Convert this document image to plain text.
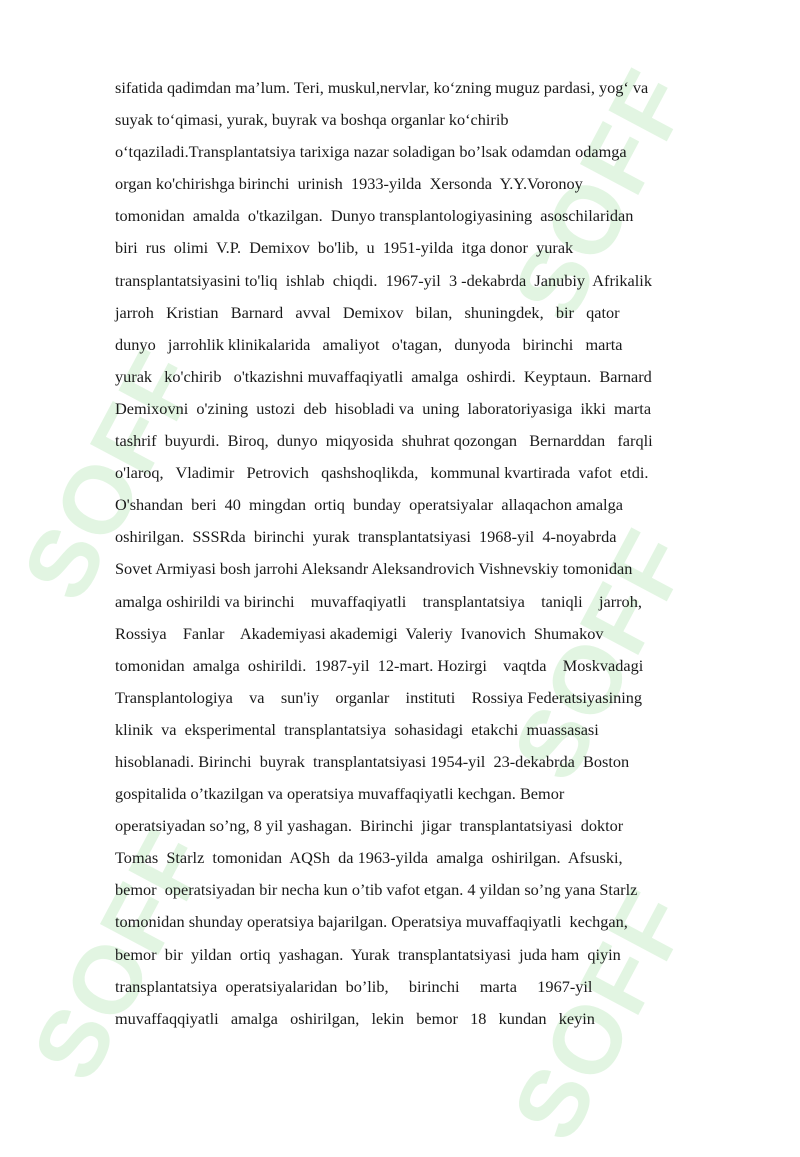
SOFF
SOFF
SOFF
SOFF
SOFF
sifatida qadimdan ma’lum. Teri, muskul,nervlar, ko‘zning muguz pardasi, yog‘ va
suyak to‘qimasi, yurak, buyrak va boshqa organlar ko‘chirib
o‘tqaziladi.Transplantatsiya tarixiga nazar soladigan bo’lsak odamdan odamga
organ ko'chirishga birinchi  urinish  1933-yilda  Xersonda  Y.Y.Voronoy
tomonidan  amalda  o'tkazilgan.  Dunyo transplantologiyasining  asoschilaridan
biri  rus  olimi  V.P.  Demixov  bo'lib,  u  1951-yilda  itga donor  yurak
transplantatsiyasini to'liq  ishlab  chiqdi.  1967-yil  3 -dekabrda  Janubiy  Afrikalik
jarroh   Kristian   Barnard   avval   Demixov   bilan,   shuningdek,   bir   qator
dunyo   jarrohlik klinikalarida   amaliyot   o'tagan,   dunyoda   birinchi   marta
yurak   ko'chirib   o'tkazishni muvaffaqiyatli  amalga  oshirdi.  Keyptaun.  Barnard
Demixovni  o'zining  ustozi  deb  hisobladi va  uning  laboratoriyasiga  ikki  marta
tashrif  buyurdi.  Biroq,  dunyo  miqyosida  shuhrat qozongan   Bernarddan   farqli
o'laroq,   Vladimir   Petrovich   qashshoqlikda,   kommunal kvartirada  vafot  etdi.
O'shandan  beri  40  mingdan  ortiq  bunday  operatsiyalar  allaqachon amalga
oshirilgan.  SSSRda  birinchi  yurak  transplantatsiyasi  1968-yil  4-noyabrda
Sovet Armiyasi bosh jarrohi Aleksandr Aleksandrovich Vishnevskiy tomonidan
amalga oshirildi va birinchi    muvaffaqiyatli    transplantatsiya    taniqli    jarroh,
Rossiya    Fanlar    Akademiyasi akademigi  Valeriy  Ivanovich  Shumakov
tomonidan  amalga  oshirildi.  1987-yil  12-mart. Hozirgi    vaqtda    Moskvadagi
Transplantologiya    va    sun'iy    organlar    instituti    Rossiya Federatsiyasining
klinik  va  eksperimental  transplantatsiya  sohasidagi  etakchi  muassasasi
hisoblanadi. Birinchi  buyrak  transplantatsiyasi 1954-yil  23-dekabrda  Boston
gospitalida o’tkazilgan va operatsiya muvaffaqiyatli kechgan. Bemor
operatsiyadan so’ng, 8 yil yashagan.  Birinchi  jigar  transplantatsiyasi  doktor
Tomas  Starlz  tomonidan  AQSh  da 1963-yilda  amalga  oshirilgan.  Afsuski,
bemor  operatsiyadan bir necha kun o’tib vafot etgan. 4 yildan so’ng yana Starlz
tomonidan shunday operatsiya bajarilgan. Operatsiya muvaffaqiyatli  kechgan,
bemor  bir  yildan  ortiq  yashagan.  Yurak  transplantatsiyasi  juda ham  qiyin
transplantatsiya  operatsiyalaridan  bo’lib,     birinchi     marta     1967-yil
muvaffaqqiyatli   amalga   oshirilgan,   lekin   bemor   18   kundan   keyin
